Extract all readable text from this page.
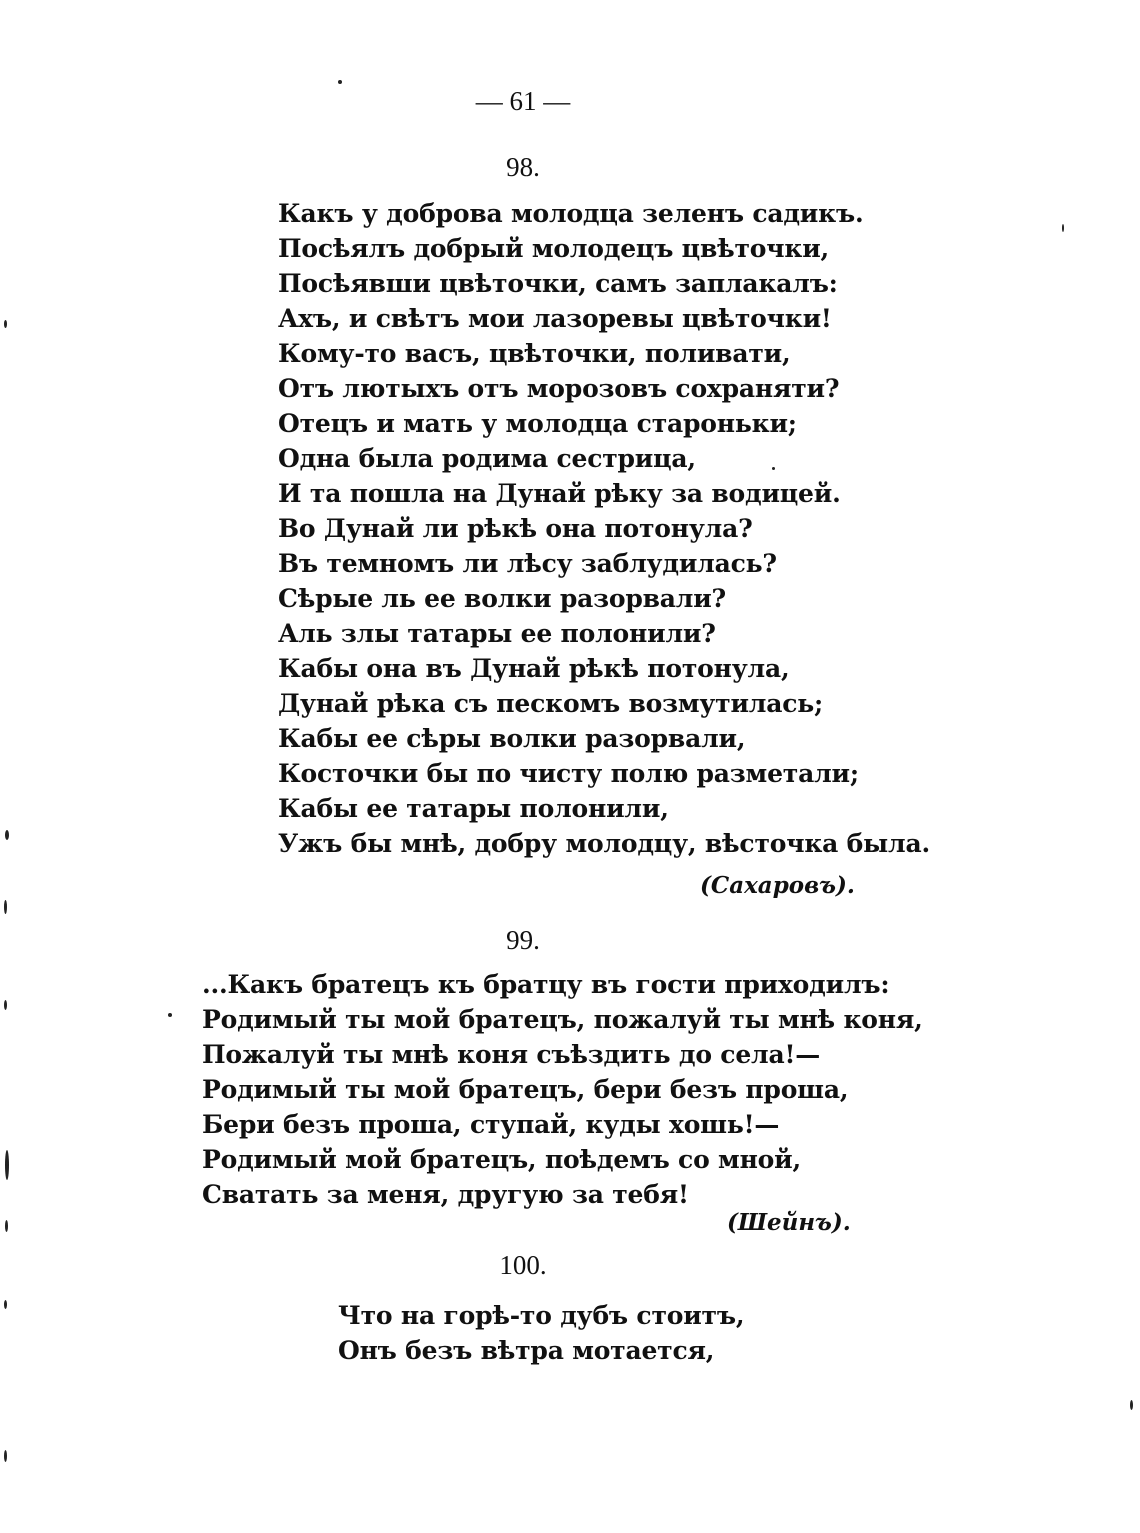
— 61 —
98.
Какъ у доброва молодца зеленъ садикъ.
Посѣялъ добрый молодецъ цвѣточки,
Посѣявши цвѣточки, самъ заплакалъ:
Ахъ, и свѣтъ мои лазоревы цвѣточки!
Кому-то васъ, цвѣточки, поливати,
Отъ лютыхъ отъ морозовъ сохраняти?
Отецъ и мать у молодца староньки;
Одна была родима сестрица,
И та пошла на Дунай рѣку за водицей.
Во Дунай ли рѣкѣ она потонула?
Въ темномъ ли лѣсу заблудилась?
Сѣрые ль ее волки разорвали?
Аль злы татары ее полонили?
Кабы она въ Дунай рѣкѣ потонула,
Дунай рѣка съ пескомъ возмутилась;
Кабы ее сѣры волки разорвали,
Косточки бы по чисту полю разметали;
Кабы ее татары полонили,
Ужъ бы мнѣ, добру молодцу, вѣсточка была.
(Сахаровъ).
99.
...Какъ братецъ къ братцу въ гости приходилъ:
Родимый ты мой братецъ, пожалуй ты мнѣ коня,
Пожалуй ты мнѣ коня съѣздить до села!—
Родимый ты мой братецъ, бери безъ проша,
Бери безъ проша, ступай, куды хошь!—
Родимый мой братецъ, поѣдемъ со мной,
Сватать за меня, другую за тебя!
(Шейнъ).
100.
Что на горѣ-то дубъ стоитъ,
Онъ безъ вѣтра мотается,
